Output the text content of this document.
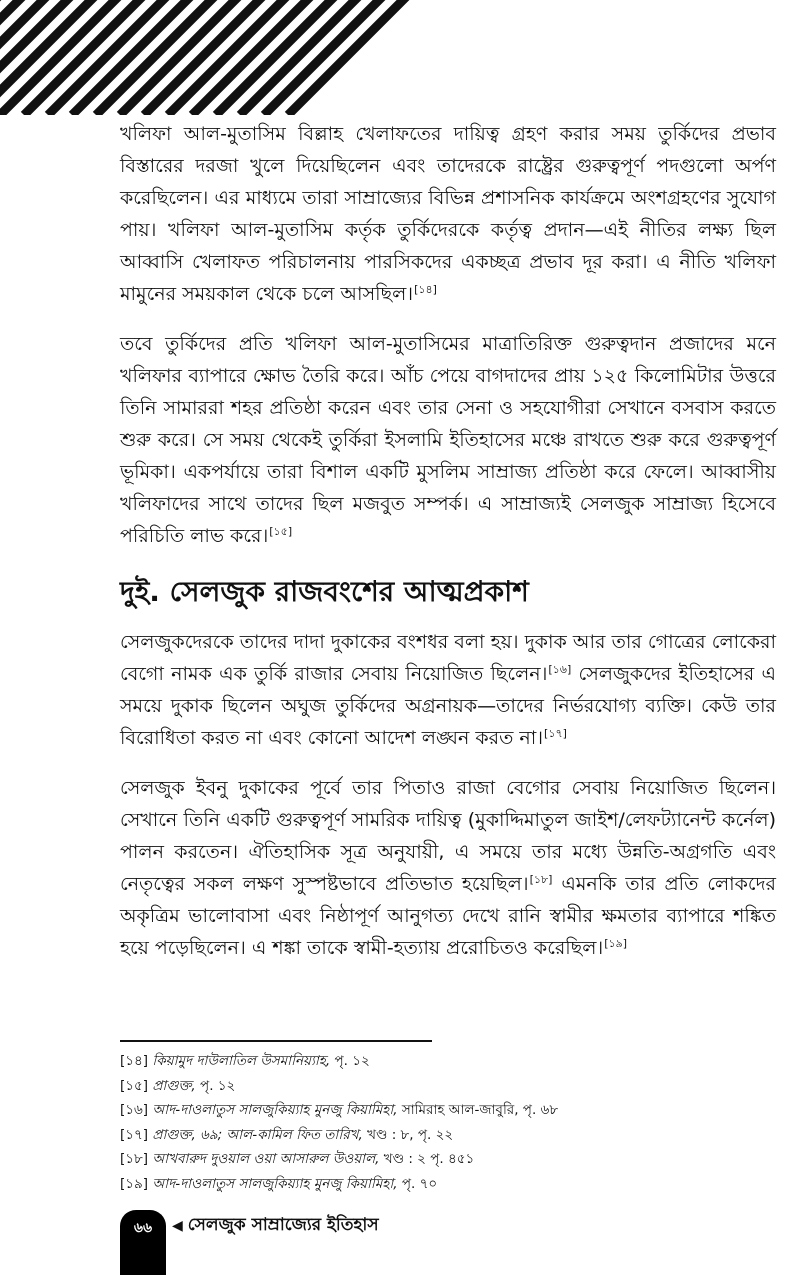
খলিফা আল-মুতাসিম বিল্লাহ খেলাফতের দায়িত্ব গ্রহণ করার সময় তুর্কিদের প্রভাব বিস্তারের দরজা খুলে দিয়েছিলেন এবং তাদেরকে রাষ্ট্রের গুরুত্বপূর্ণ পদগুলো অর্পণ করেছিলেন। এর মাধ্যমে তারা সাম্রাজ্যের বিভিন্ন প্রশাসনিক কার্যক্রমে অংশগ্রহণের সুযোগ পায়। খলিফা আল-মুতাসিম কর্তৃক তুর্কিদেরকে কর্তৃত্ব প্রদান—এই নীতির লক্ষ্য ছিল আব্বাসি খেলাফত পরিচালনায় পারসিকদের একচ্ছত্র প্রভাব দূর করা। এ নীতি খলিফা মামুনের সময়কাল থেকে চলে আসছিল।[১৪]

তবে তুর্কিদের প্রতি খলিফা আল-মুতাসিমের মাত্রাতিরিক্ত গুরুত্বদান প্রজাদের মনে খলিফার ব্যাপারে ক্ষোভ তৈরি করে। আঁচ পেয়ে বাগদাদের প্রায় ১২৫ কিলোমিটার উত্তরে তিনি সামাররা শহর প্রতিষ্ঠা করেন এবং তার সেনা ও সহযোগীরা সেখানে বসবাস করতে শুরু করে। সে সময় থেকেই তুর্কিরা ইসলামি ইতিহাসের মঞ্চে রাখতে শুরু করে গুরুত্বপূর্ণ ভূমিকা। একপর্যায়ে তারা বিশাল একটি মুসলিম সাম্রাজ্য প্রতিষ্ঠা করে ফেলে। আব্বাসীয় খলিফাদের সাথে তাদের ছিল মজবুত সম্পর্ক। এ সাম্রাজ্যই সেলজুক সাম্রাজ্য হিসেবে পরিচিতি লাভ করে।[১৫]

দুই. সেলজুক রাজবংশের আত্মপ্রকাশ

সেলজুকদেরকে তাদের দাদা দুকাকের বংশধর বলা হয়। দুকাক আর তার গোত্রের লোকেরা বেগো নামক এক তুর্কি রাজার সেবায় নিয়োজিত ছিলেন।[১৬] সেলজুকদের ইতিহাসের এ সময়ে দুকাক ছিলেন অঘুজ তুর্কিদের অগ্রনায়ক—তাদের নির্ভরযোগ্য ব্যক্তি। কেউ তার বিরোধিতা করত না এবং কোনো আদেশ লঙ্ঘন করত না।[১৭]

সেলজুক ইবনু দুকাকের পূর্বে তার পিতাও রাজা বেগোর সেবায় নিয়োজিত ছিলেন। সেখানে তিনি একটি গুরুত্বপূর্ণ সামরিক দায়িত্ব (মুকাদ্দিমাতুল জাইশ/লেফট্যানেন্ট কর্নেল) পালন করতেন। ঐতিহাসিক সূত্র অনুযায়ী, এ সময়ে তার মধ্যে উন্নতি-অগ্রগতি এবং নেতৃত্বের সকল লক্ষণ সুস্পষ্টভাবে প্রতিভাত হয়েছিল।[১৮] এমনকি তার প্রতি লোকদের অকৃত্রিম ভালোবাসা এবং নিষ্ঠাপূর্ণ আনুগত্য দেখে রানি স্বামীর ক্ষমতার ব্যাপারে শঙ্কিত হয়ে পড়েছিলেন। এ শঙ্কা তাকে স্বামী-হত্যায় প্ররোচিতও করেছিল।[১৯]

[১৪] কিয়ামুদ দাউলাতিল উসমানিয়্যাহ, পৃ. ১২
[১৫] প্রাগুক্ত, পৃ. ১২
[১৬] আদ-দাওলাতুস সালজুকিয়্যাহ মুনজু কিয়ামিহা, সামিরাহ আল-জাবুরি, পৃ. ৬৮
[১৭] প্রাগুক্ত, ৬৯; আল-কামিল ফিত তারিখ, খণ্ড : ৮, পৃ. ২২
[১৮] আখবারুদ দুওয়াল ওয়া আসারুল উওয়াল, খণ্ড : ২ পৃ. ৪৫১
[১৯] আদ-দাওলাতুস সালজুকিয়্যাহ মুনজু কিয়ামিহা, পৃ. ৭০
৬৬	◀ সেলজুক সাম্রাজ্যের ইতিহাস
